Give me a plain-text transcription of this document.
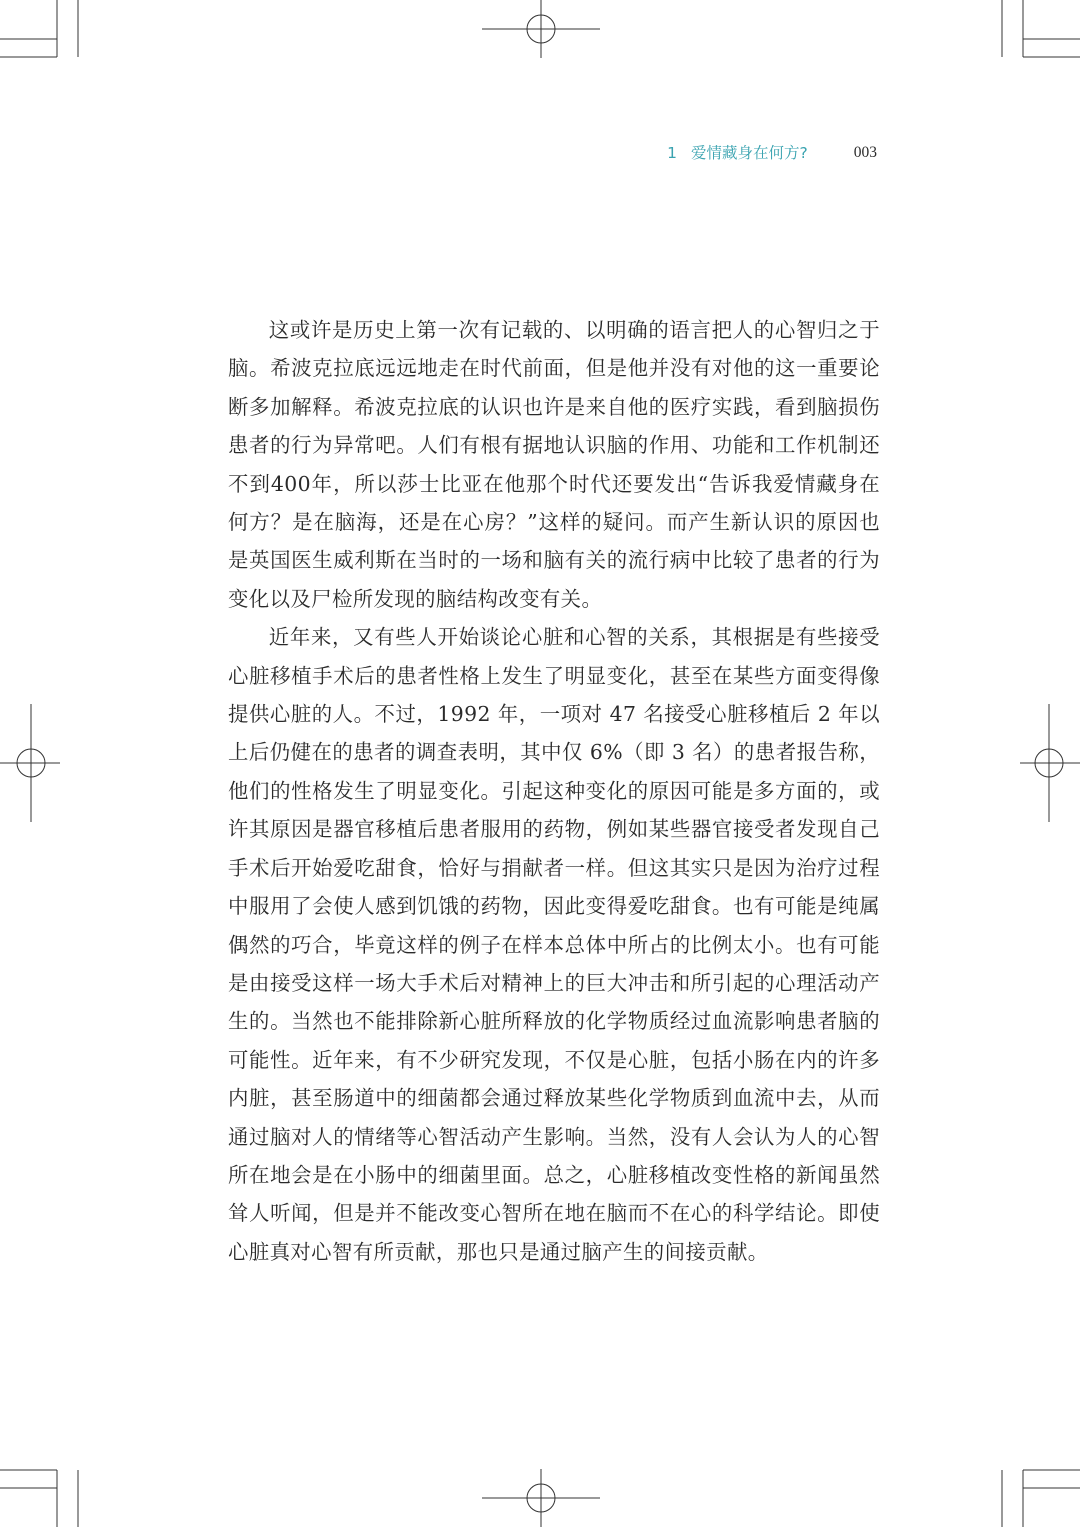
1 爱情藏身在何方?	003

这或许是历史上第一次有记载的、以明确的语言把人的心智归之于脑。希波克拉底远远地走在时代前面，但是他并没有对他的这一重要论断多加解释。希波克拉底的认识也许是来自他的医疗实践，看到脑损伤患者的行为异常吧。人们有根有据地认识脑的作用、功能和工作机制还不到400年，所以莎士比亚在他那个时代还要发出“告诉我爱情藏身在何方？是在脑海，还是在心房？”这样的疑问。而产生新认识的原因也是英国医生威利斯在当时的一场和脑有关的流行病中比较了患者的行为变化以及尸检所发现的脑结构改变有关。

近年来，又有些人开始谈论心脏和心智的关系，其根据是有些接受心脏移植手术后的患者性格上发生了明显变化，甚至在某些方面变得像提供心脏的人。不过，1992 年，一项对 47 名接受心脏移植后 2 年以上后仍健在的患者的调查表明，其中仅 6%（即 3 名）的患者报告称，他们的性格发生了明显变化。引起这种变化的原因可能是多方面的，或许其原因是器官移植后患者服用的药物，例如某些器官接受者发现自己手术后开始爱吃甜食，恰好与捐献者一样。但这其实只是因为治疗过程中服用了会使人感到饥饿的药物，因此变得爱吃甜食。也有可能是纯属偶然的巧合，毕竟这样的例子在样本总体中所占的比例太小。也有可能是由接受这样一场大手术后对精神上的巨大冲击和所引起的心理活动产生的。当然也不能排除新心脏所释放的化学物质经过血流影响患者脑的可能性。近年来，有不少研究发现，不仅是心脏，包括小肠在内的许多内脏，甚至肠道中的细菌都会通过释放某些化学物质到血流中去，从而通过脑对人的情绪等心智活动产生影响。当然，没有人会认为人的心智所在地会是在小肠中的细菌里面。总之，心脏移植改变性格的新闻虽然耸人听闻，但是并不能改变心智所在地在脑而不在心的科学结论。即使心脏真对心智有所贡献，那也只是通过脑产生的间接贡献。
